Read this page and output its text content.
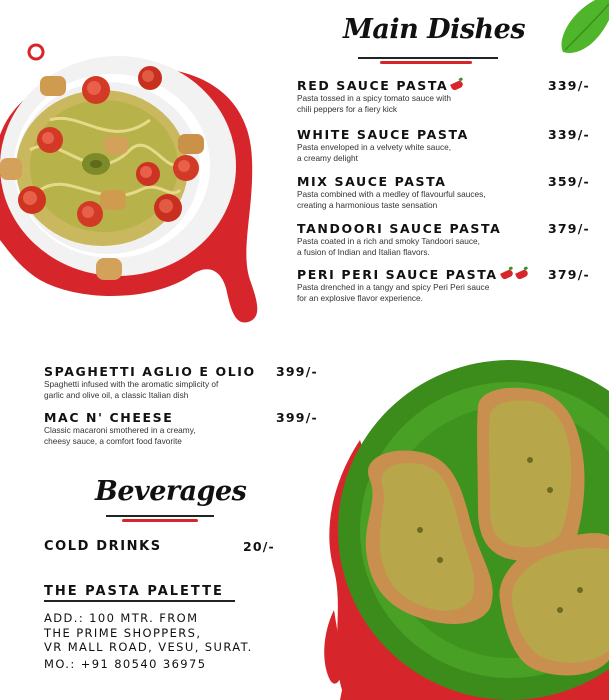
Main Dishes
RED SAUCE PASTA
Pasta tossed in a spicy tomato sauce with
chili peppers for a fiery kick
339/-
WHITE SAUCE PASTA
Pasta enveloped in a velvety white sauce,
a creamy delight
339/-
MIX SAUCE PASTA
Pasta combined with a medley of flavourful sauces,
creating a harmonious taste sensation
359/-
TANDOORI SAUCE PASTA
Pasta coated in a rich and smoky Tandoori sauce,
a fusion of Indian and Italian flavors.
379/-
PERI PERI SAUCE PASTA
Pasta drenched in a tangy and spicy Peri Peri sauce
for an explosive flavor experience.
379/-
SPAGHETTI AGLIO E OLIO
Spaghetti infused with the aromatic simplicity of
garlic and olive oil, a classic Italian dish
399/-
MAC N' CHEESE
Classic macaroni smothered in a creamy,
cheesy sauce, a comfort food favorite
399/-
Beverages
COLD DRINKS	20/-
THE PASTA PALETTE
ADD.: 100 MTR. FROM
THE PRIME SHOPPERS,
VR MALL ROAD, VESU, SURAT.
MO.: +91 80540 36975
